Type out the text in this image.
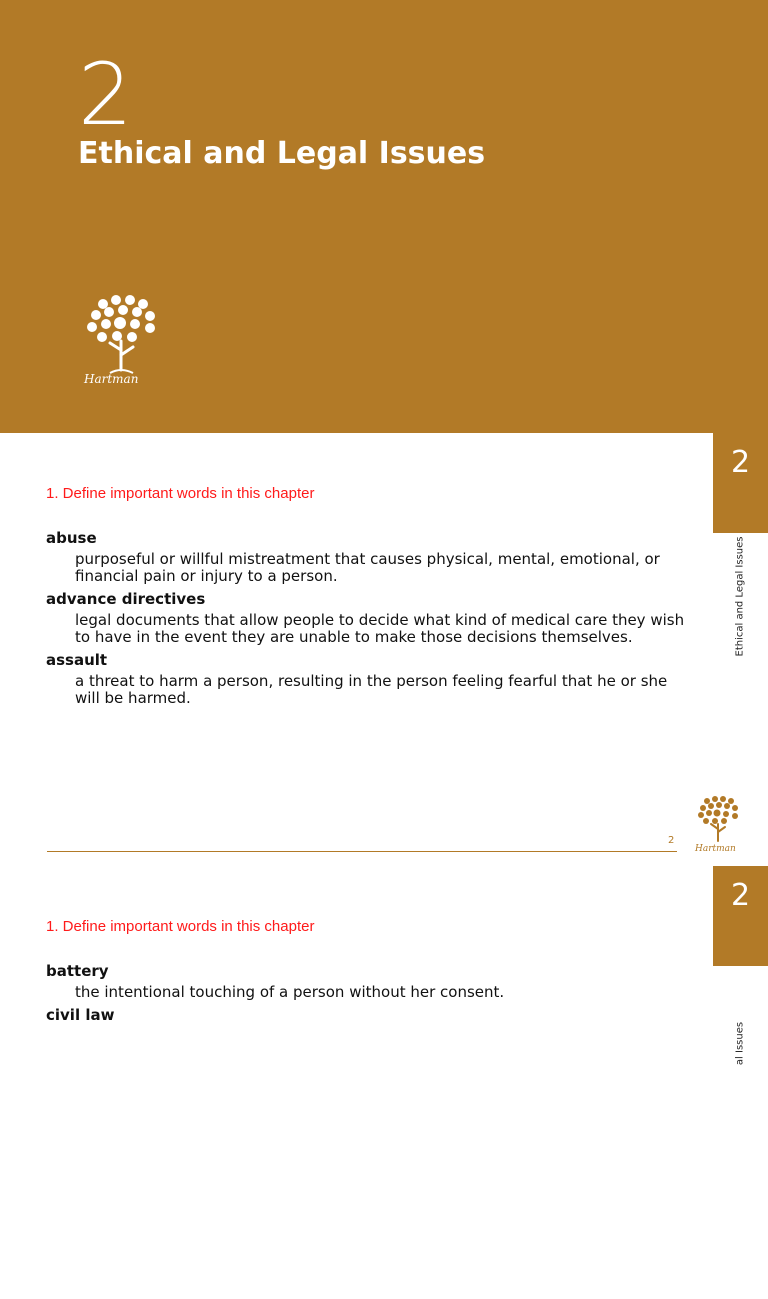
2
Ethical and Legal Issues
Hartman
2
Ethical and Legal Issues
1. Define important words in this chapter
abuse
purposeful or willful mistreatment that causes physical, mental, emotional, or financial pain or injury to a person.
advance directives
legal documents that allow people to decide what kind of medical care they wish to have in the event they are unable to make those decisions themselves.
assault
a threat to harm a person, resulting in the person feeling fearful that he or she will be harmed.
2
Hartman
2
al Issues
1. Define important words in this chapter
battery
the intentional touching of a person without her consent.
civil law
